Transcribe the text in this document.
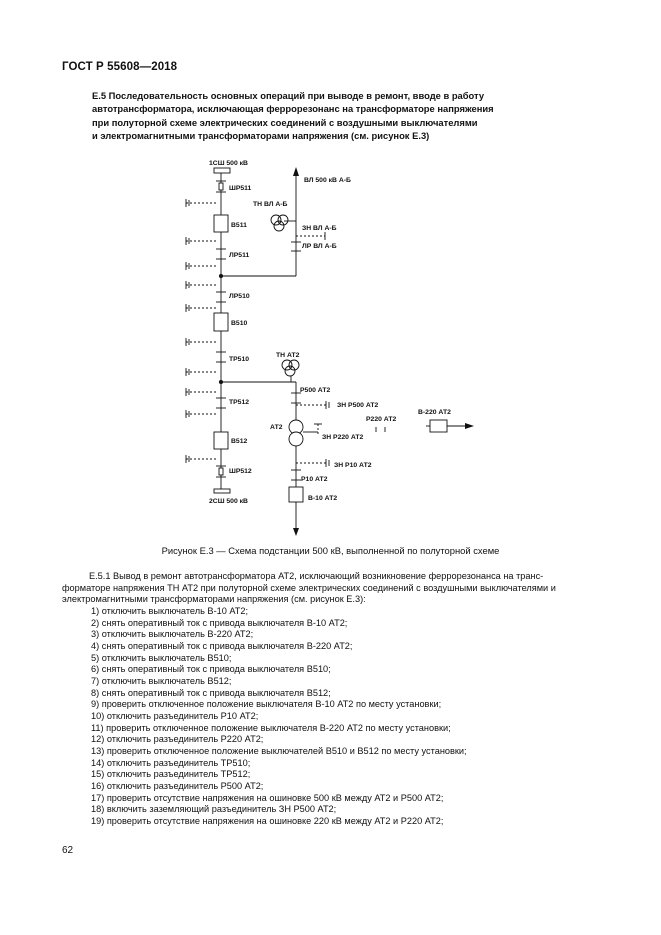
ГОСТ Р 55608—2018
Е.5 Последовательность основных операций при выводе в ремонт, вводе в работу
автотрансформатора, исключающая феррорезонанс на трансформаторе напряжения
при полуторной схеме электрических соединений с воздушными выключателями
и электромагнитными трансформаторами напряжения (см. рисунок Е.3)
1СШ 500 кВ
ШР511
В511
ЛР511
ЛР510
В510
ТР510
ТР512
В512
ШР512
2СШ 500 кВ
ВЛ 500 кВ А-Б
ТН ВЛ А-Б
ЗН ВЛ А-Б
ЛР ВЛ А-Б
ТН АТ2
Р500 АТ2
ЗН Р500 АТ2
АТ2
ЗН Р220 АТ2
Р220 АТ2
В-220 АТ2
ЗН Р10 АТ2
Р10 АТ2
В-10 АТ2
Рисунок Е.3 — Схема подстанции 500 кВ, выполненной по полуторной схеме
Е.5.1 Вывод в ремонт автотрансформатора АТ2, исключающий возникновение феррорезонанса на транс-
форматоре напряжения ТН АТ2 при полуторной схеме электрических соединений с воздушными выключателями и
электромагнитными трансформаторами напряжения (см. рисунок Е.3):
1) отключить выключатель В-10 АТ2;
2) снять оперативный ток с привода выключателя В-10 АТ2;
3) отключить выключатель В-220 АТ2;
4) снять оперативный ток с привода выключателя В-220 АТ2;
5) отключить выключатель В510;
6) снять оперативный ток с привода выключателя В510;
7) отключить выключатель В512;
8) снять оперативный ток с привода выключателя В512;
9) проверить отключенное положение выключателя В-10 АТ2 по месту установки;
10) отключить разъединитель Р10 АТ2;
11) проверить отключенное положение выключателя В-220 АТ2 по месту установки;
12) отключить разъединитель Р220 АТ2;
13) проверить отключенное положение выключателей В510 и В512 по месту установки;
14) отключить разъединитель ТР510;
15) отключить разъединитель ТР512;
16) отключить разъединитель Р500 АТ2;
17) проверить отсутствие напряжения на ошиновке 500 кВ между АТ2 и Р500 АТ2;
18) включить заземляющий разъединитель ЗН Р500 АТ2;
19) проверить отсутствие напряжения на ошиновке 220 кВ между АТ2 и Р220 АТ2;
62
